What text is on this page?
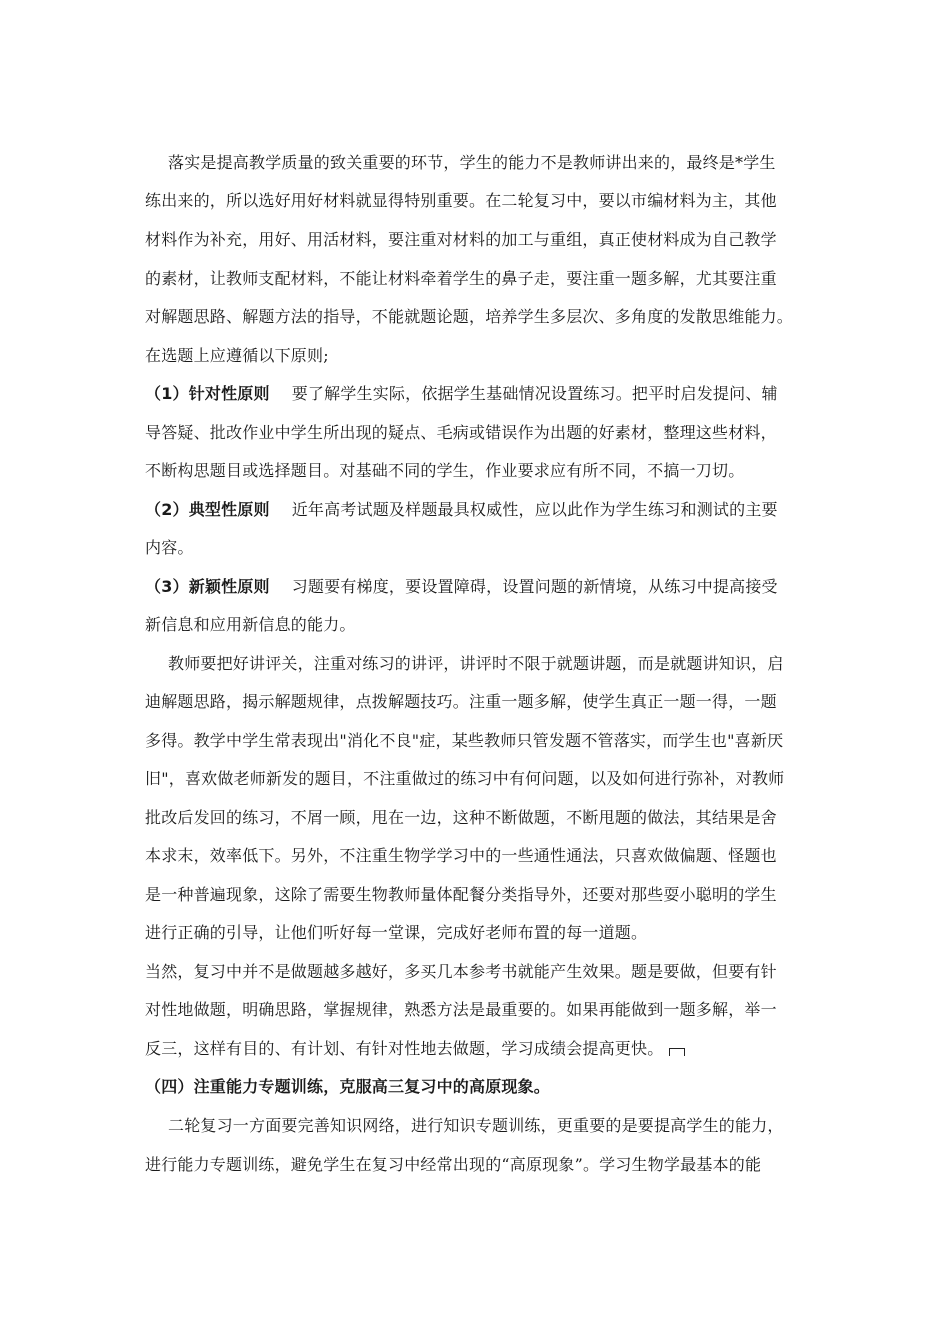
落实是提高教学质量的致关重要的环节，学生的能力不是教师讲出来的，最终是*学生
练出来的，所以选好用好材料就显得特别重要。在二轮复习中，要以市编材料为主，其他
材料作为补充，用好、用活材料，要注重对材料的加工与重组，真正使材料成为自己教学
的素材，让教师支配材料，不能让材料牵着学生的鼻子走，要注重一题多解，尤其要注重
对解题思路、解题方法的指导，不能就题论题，培养学生多层次、多角度的发散思维能力。
在选题上应遵循以下原则;
（1）针对性原则 要了解学生实际，依据学生基础情况设置练习。把平时启发提问、辅
导答疑、批改作业中学生所出现的疑点、毛病或错误作为出题的好素材，整理这些材料，
不断构思题目或选择题目。对基础不同的学生，作业要求应有所不同，不搞一刀切。
（2）典型性原则 近年高考试题及样题最具权威性，应以此作为学生练习和测试的主要
内容。
（3）新颖性原则 习题要有梯度，要设置障碍，设置问题的新情境，从练习中提高接受
新信息和应用新信息的能力。
教师要把好讲评关，注重对练习的讲评，讲评时不限于就题讲题，而是就题讲知识，启
迪解题思路，揭示解题规律，点拨解题技巧。注重一题多解，使学生真正一题一得，一题
多得。教学中学生常表现出"消化不良"症，某些教师只管发题不管落实，而学生也"喜新厌
旧"，喜欢做老师新发的题目，不注重做过的练习中有何问题，以及如何进行弥补，对教师
批改后发回的练习，不屑一顾，甩在一边，这种不断做题，不断甩题的做法，其结果是舍
本求末，效率低下。另外，不注重生物学学习中的一些通性通法，只喜欢做偏题、怪题也
是一种普遍现象，这除了需要生物教师量体配餐分类指导外，还要对那些耍小聪明的学生
进行正确的引导，让他们听好每一堂课，完成好老师布置的每一道题。
当然，复习中并不是做题越多越好，多买几本参考书就能产生效果。题是要做，但要有针
对性地做题，明确思路，掌握规律，熟悉方法是最重要的。如果再能做到一题多解，举一
反三，这样有目的、有计划、有针对性地去做题，学习成绩会提高更快。
（四）注重能力专题训练，克服高三复习中的高原现象。
二轮复习一方面要完善知识网络，进行知识专题训练，更重要的是要提高学生的能力，
进行能力专题训练，避免学生在复习中经常出现的“高原现象”。学习生物学最基本的能
